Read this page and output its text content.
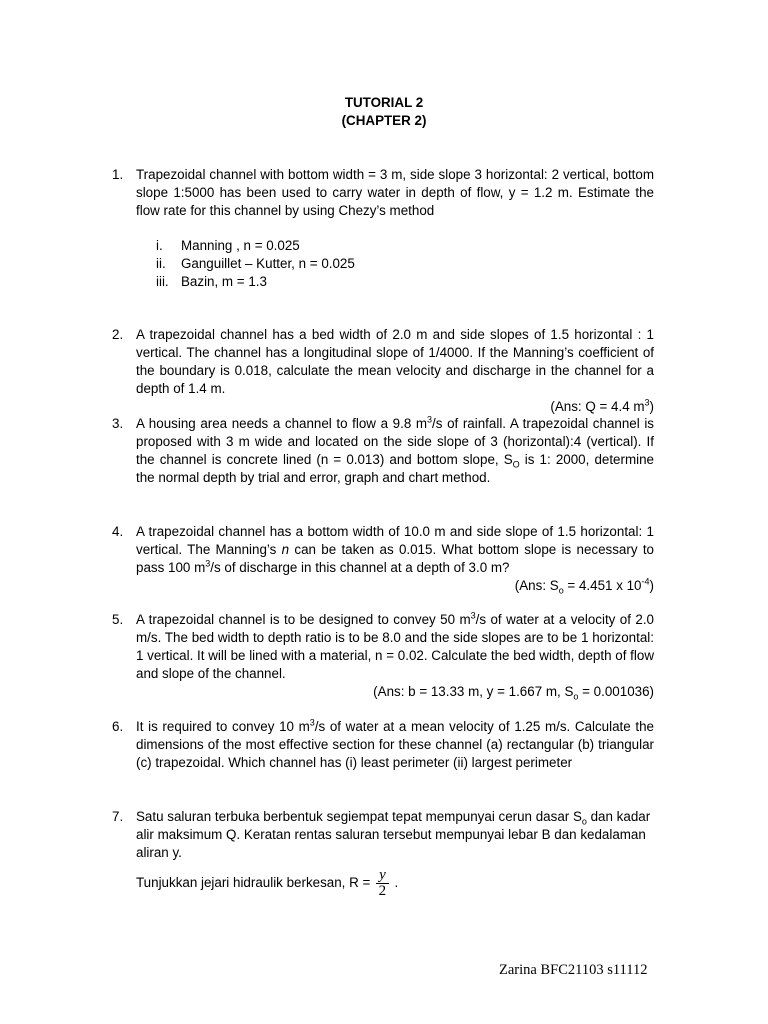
TUTORIAL 2
(CHAPTER 2)
1. Trapezoidal channel with bottom width = 3 m, side slope 3 horizontal: 2 vertical, bottom slope 1:5000 has been used to carry water in depth of flow, y = 1.2 m. Estimate the flow rate for this channel by using Chezy’s method
i. Manning , n = 0.025
ii. Ganguillet – Kutter, n = 0.025
iii. Bazin, m = 1.3
2. A trapezoidal channel has a bed width of 2.0 m and side slopes of 1.5 horizontal : 1 vertical. The channel has a longitudinal slope of 1/4000. If the Manning’s coefficient of the boundary is 0.018, calculate the mean velocity and discharge in the channel for a depth of 1.4 m.
(Ans: Q = 4.4 $m^3$)
3. A housing area needs a channel to flow a 9.8 $m^3/s$ of rainfall. A trapezoidal channel is proposed with 3 m wide and located on the side slope of 3 (horizontal):4 (vertical). If the channel is concrete lined (n = 0.013) and bottom slope, $S_O$ is 1: 2000, determine the normal depth by trial and error, graph and chart method.
4. A trapezoidal channel has a bottom width of 10.0 m and side slope of 1.5 horizontal: 1 vertical. The Manning’s n can be taken as 0.015. What bottom slope is necessary to pass 100 $m^3/s$ of discharge in this channel at a depth of 3.0 m?
(Ans: $S_o = 4.451$ x $10^{-4}$)
5. A trapezoidal channel is to be designed to convey 50 $m^3/s$ of water at a velocity of 2.0 m/s. The bed width to depth ratio is to be 8.0 and the side slopes are to be 1 horizontal: 1 vertical. It will be lined with a material, n = 0.02. Calculate the bed width, depth of flow and slope of the channel.
(Ans: b = 13.33 m, y = 1.667 m, $S_o = 0.001036$)
6. It is required to convey 10 $m^3/s$ of water at a mean velocity of 1.25 m/s. Calculate the dimensions of the most effective section for these channel (a) rectangular (b) triangular (c) trapezoidal. Which channel has (i) least perimeter (ii) largest perimeter
7. Satu saluran terbuka berbentuk segiempat tepat mempunyai cerun dasar $S_o$ dan kadar alir maksimum Q. Keratan rentas saluran tersebut mempunyai lebar B dan kedalaman aliran y.
Tunjukkan jejari hidraulik berkesan, $R = \frac{y}{2}$ .
Zarina BFC21103 s11112
